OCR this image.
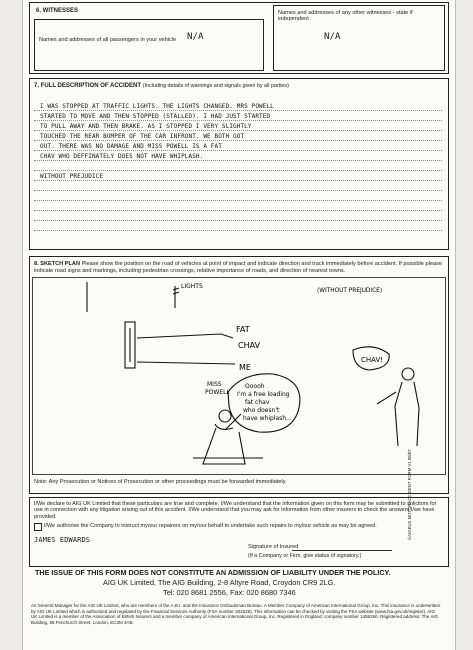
6. WITNESSES
Names and addresses of all passengers in your vehicle N/A
Names and addresses of any other witnesses - state if independent
N/A
7. FULL DESCRIPTION OF ACCIDENT (Including details of warnings and signals given by all parties)
I WAS STOPPED AT TRAFFIC LIGHTS. THE LIGHTS CHANGED. MRS POWELL
STARTED TO MOVE AND THEN STOPPED (STALLED). I HAD JUST STARTED
TO PULL AWAY AND THEN BRAKE. AS I STOPPED I VERY SLIGHTLY
TOUCHED THE REAR BUMPER OF THE CAR INFRONT. WE BOTH GOT
OUT. THERE WAS NO DAMAGE AND MISS POWELL IS A FAT
CHAV WHO DEFFINATELY DOES NOT HAVE WHIPLASH.
WITHOUT PREJUDICE
8. SKETCH PLAN Please show the position on the road of vehicles at point of impact and indicate direction and track immediately before accident. If possible please indicate road signs and markings, including pedestrian crossings, relative importance of roads, and direction of nearest towns.
LIGHTS
(WITHOUT PREJUDICE)
FAT
CHAV
ME
CHAV!
MISS
POWELL
Ooooh
I'm a free loading
fat chav
who doesn't
have whiplash...
Note: Any Prosecution or Notices of Prosecution or other proceedings must be forwarded immediately.
I/We declare to AIG UK Limited that these particulars are true and complete. I/We understand that the information given on this form may be submitted to solicitors for use in connection with any litigation arising out of this accident. I/We understand that you may ask for information from other insurers to check the answers I/we have provided.
I/We authorise the Company to instruct my/our repairers on my/our behalf to undertake such repairs to my/our vehicle as may be agreed.
JAMES EDWARDS
Signature of Insured
(If a Company or Firm, give status of signatory.)
THE ISSUE OF THIS FORM DOES NOT CONSTITUTE AN ADMISSION OF LIABILITY UNDER THE POLICY.
AIG UK Limited, The AIG Building, 2-8 Altyre Road, Croydon CR9 2LG.
Tel: 020 8681 2556, Fax: 020 8680 7346
As General Manager for the AIG UK Limited, who are members of the A.B.I. and the Insurance Ombudsman Bureau. A Member Company of American International Group, Inc. This insurance is underwritten by AIG UK Limited which is authorised and regulated by the Financial Services Authority (FSA number 202628). This information can be checked by visiting the FSA website (www.fsa.gov.uk/register). AIG UK Limited is a member of the Association of British Insurers and a member company of American International Group, Inc. Registered in England: company number 1486260. Registered address: The AIG Building, 58 Fenchurch Street, London, EC3M 4AB.
©AIGEUK MOTORACCIDENT FORM V1 06/07
